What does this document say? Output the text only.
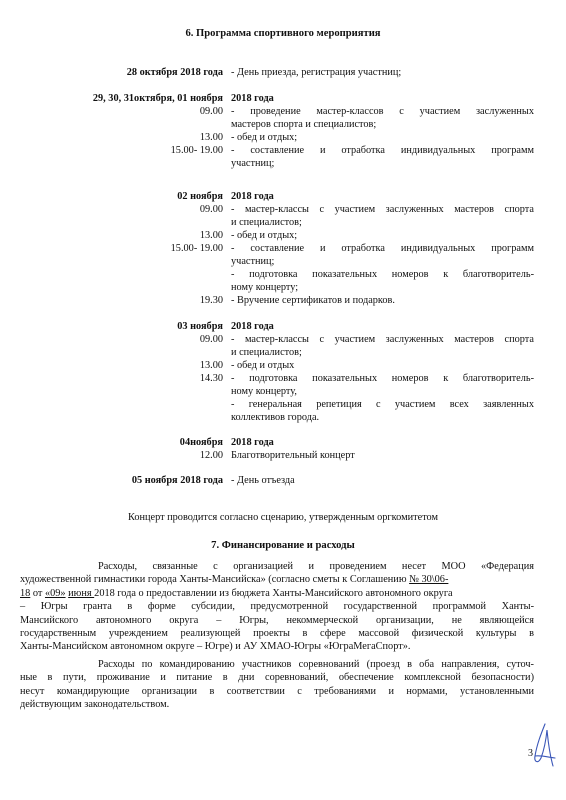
6. Программа спортивного мероприятия
28 октября 2018 года - День приезда, регистрация участниц;
29, 30, 31октября, 01 ноября 2018 года
09.00 - проведение мастер-классов с участием заслуженных
мастеров спорта и специалистов;
13.00 - обед и отдых;
15.00- 19.00 - составление и отработка индивидуальных программ
участниц;
02 ноября 2018 года
09.00 - мастер-классы с участием заслуженных мастеров спорта
и специалистов;
13.00 - обед и отдых;
15.00- 19.00 - составление и отработка индивидуальных программ
участниц;
- подготовка показательных номеров к благотворитель-
ному концерту;
19.30 - Вручение сертификатов и подарков.
03 ноября 2018 года
09.00 - мастер-классы с участием заслуженных мастеров спорта
и специалистов;
13.00 - обед и отдых
14.30 - подготовка показательных номеров к благотворитель-
ному концерту,
- генеральная репетиция с участием всех заявленных
коллективов города.
04ноября 2018 года
12.00 Благотворительный концерт
05 ноября 2018 года - День отъезда
Концерт проводится согласно сценарию, утвержденным оргкомитетом
7. Финансирование и расходы
Расходы, связанные с организацией и проведением несет МОО «Федерация
художественной гимнастики города Ханты-Мансийска» (согласно сметы к Соглашению № 30\06-
18 от «09» июня 2018 года о предоставлении из бюджета Ханты-Мансийского автономного округа
– Югры гранта в форме субсидии, предусмотренной государственной программой Ханты-
Мансийского автономного округа – Югры, некоммерческой организации, не являющейся
государственным учреждением реализующей проекты в сфере массовой физической культуры в
Ханты-Мансийском автономном округе – Югре) и АУ ХМАО-Югры «ЮграМегаСпорт».
Расходы по командированию участников соревнований (проезд в оба направления, суточ-
ные в пути, проживание и питание в дни соревнований, обеспечение комплексной безопасности)
несут командирующие организации в соответствии с требованиями и нормами, установленными
действующим законодательством.
3
